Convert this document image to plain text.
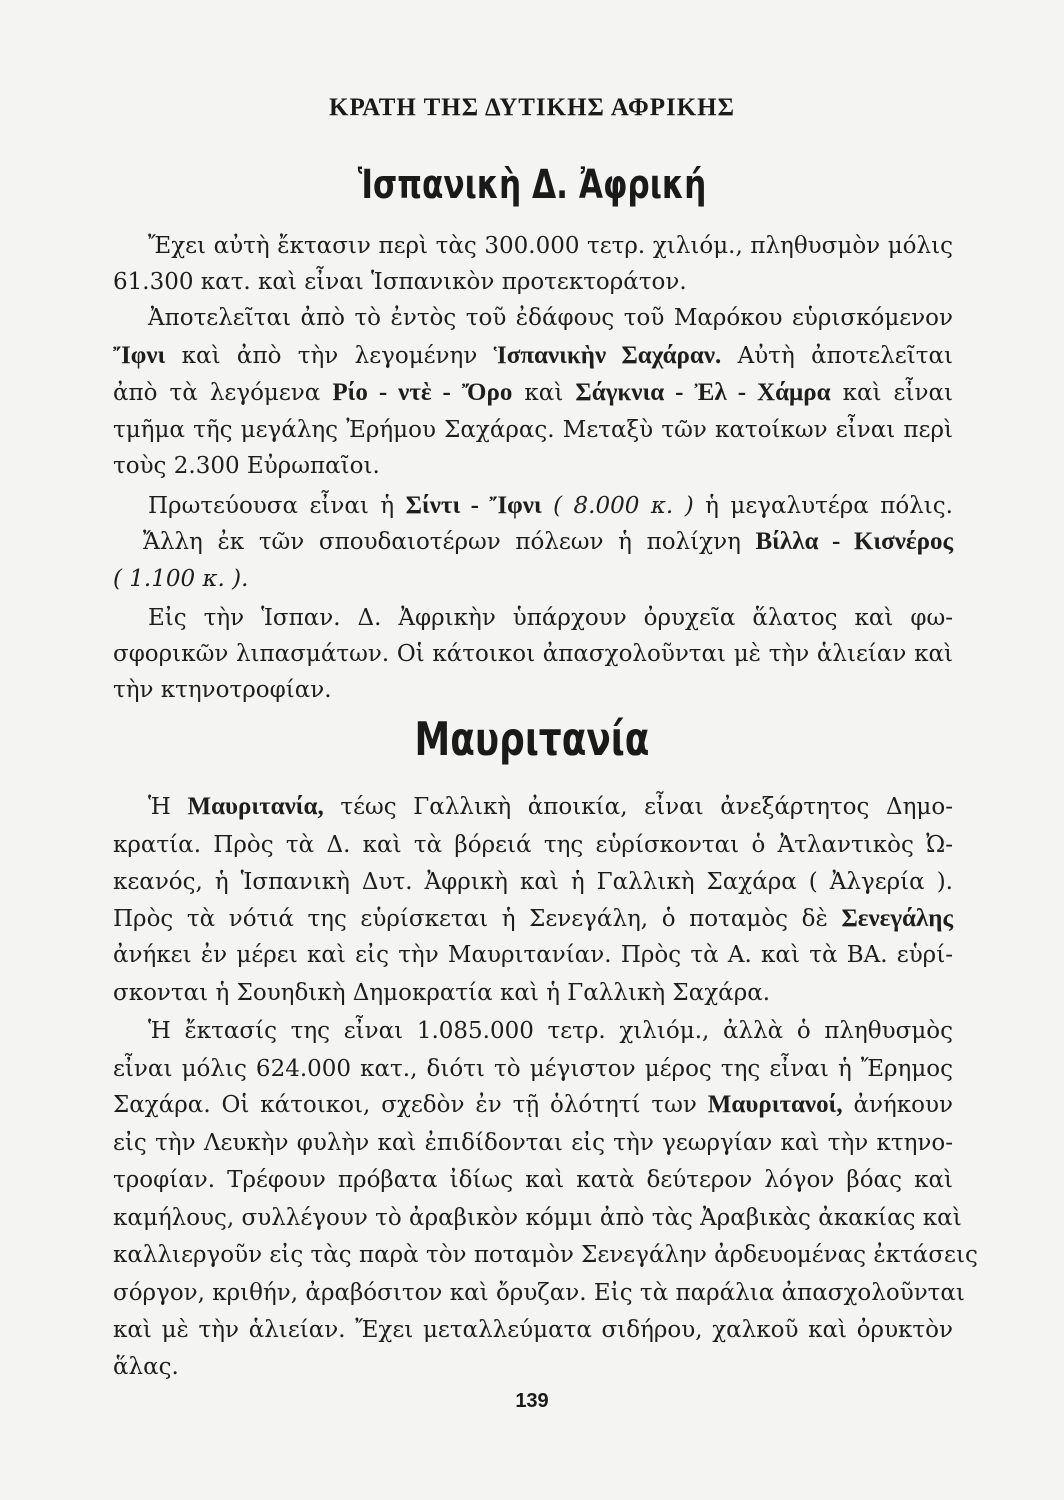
ΚΡΑΤΗ ΤΗΣ ΔΥΤΙΚΗΣ ΑΦΡΙΚΗΣ
Ἱσπανικὴ Δ. Ἀφρική
Ἔχει αὐτὴ ἔκτασιν περὶ τὰς 300.000 τετρ. χιλιόμ., πληθυσμὸν μόλις
61.300 κατ. καὶ εἶναι Ἱσπανικὸν προτεκτοράτον.
Ἀποτελεῖται ἀπὸ τὸ ἐντὸς τοῦ ἐδάφους τοῦ Μαρόκου εὑρισκόμενον
Ἴφνι καὶ ἀπὸ τὴν λεγομένην Ἱσπανικὴν Σαχάραν. Αὐτὴ ἀποτελεῖται
ἀπὸ τὰ λεγόμενα Ρίο - ντὲ - Ὄρο καὶ Σάγκνια - Ἐλ - Χάμρα καὶ εἶναι
τμῆμα τῆς μεγάλης Ἐρήμου Σαχάρας. Μεταξὺ τῶν κατοίκων εἶναι περὶ
τοὺς 2.300 Εὐρωπαῖοι.
Πρωτεύουσα εἶναι ἡ Σίντι - Ἴφνι ( 8.000 κ. ) ἡ μεγαλυτέρα πόλις.
Ἄλλη ἐκ τῶν σπουδαιοτέρων πόλεων ἡ πολίχνη Βίλλα - Κισνέρος
( 1.100 κ. ).
Εἰς τὴν Ἱσπαν. Δ. Ἀφρικὴν ὑπάρχουν ὀρυχεῖα ἅλατος καὶ φω-
σφορικῶν λιπασμάτων. Οἱ κάτοικοι ἀπασχολοῦνται μὲ τὴν ἁλιείαν καὶ
τὴν κτηνοτροφίαν.
Μαυριτανία
Ἡ Μαυριτανία, τέως Γαλλικὴ ἀποικία, εἶναι ἀνεξάρτητος Δημο-
κρατία. Πρὸς τὰ Δ. καὶ τὰ βόρειά της εὑρίσκονται ὁ Ἀτλαντικὸς Ὠ-
κεανός, ἡ Ἱσπανικὴ Δυτ. Ἀφρικὴ καὶ ἡ Γαλλικὴ Σαχάρα ( Ἀλγερία ).
Πρὸς τὰ νότιά της εὑρίσκεται ἡ Σενεγάλη, ὁ ποταμὸς δὲ Σενεγάλης
ἀνήκει ἐν μέρει καὶ εἰς τὴν Μαυριτανίαν. Πρὸς τὰ Α. καὶ τὰ ΒΑ. εὑρί-
σκονται ἡ Σουηδικὴ Δημοκρατία καὶ ἡ Γαλλικὴ Σαχάρα.
Ἡ ἔκτασίς της εἶναι 1.085.000 τετρ. χιλιόμ., ἀλλὰ ὁ πληθυσμὸς
εἶναι μόλις 624.000 κατ., διότι τὸ μέγιστον μέρος της εἶναι ἡ Ἔρημος
Σαχάρα. Οἱ κάτοικοι, σχεδὸν ἐν τῇ ὁλότητί των Μαυριτανοί, ἀνήκουν
εἰς τὴν Λευκὴν φυλὴν καὶ ἐπιδίδονται εἰς τὴν γεωργίαν καὶ τὴν κτηνο-
τροφίαν. Τρέφουν πρόβατα ἰδίως καὶ κατὰ δεύτερον λόγον βόας καὶ
καμήλους, συλλέγουν τὸ ἀραβικὸν κόμμι ἀπὸ τὰς Ἀραβικὰς ἀκακίας καὶ
καλλιεργοῦν εἰς τὰς παρὰ τὸν ποταμὸν Σενεγάλην ἀρδευομένας ἐκτάσεις
σόργον, κριθήν, ἀραβόσιτον καὶ ὄρυζαν. Εἰς τὰ παράλια ἀπασχολοῦνται
καὶ μὲ τὴν ἁλιείαν. Ἔχει μεταλλεύματα σιδήρου, χαλκοῦ καὶ ὀρυκτὸν
ἅλας.
139
